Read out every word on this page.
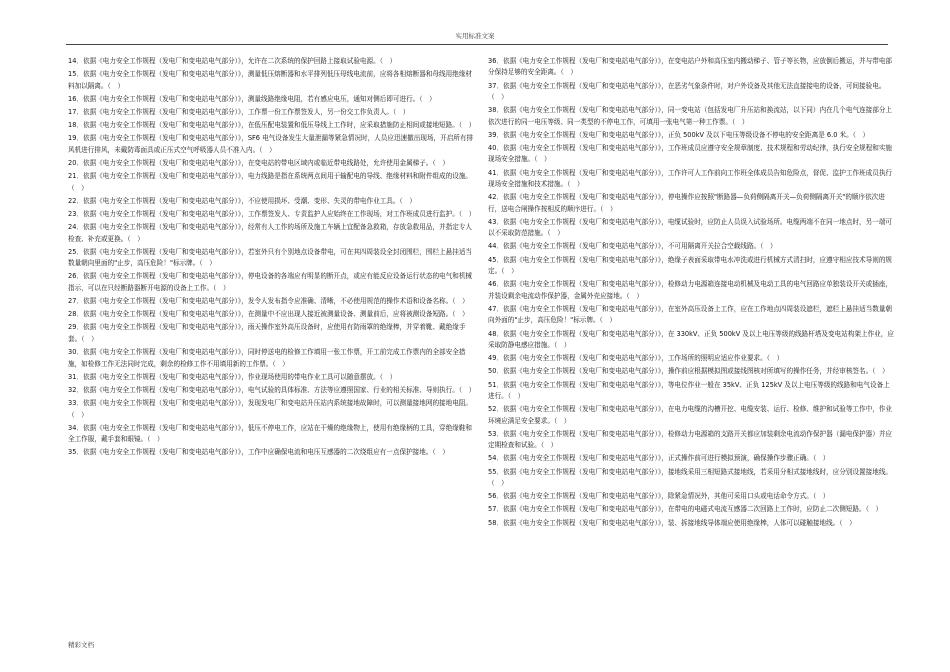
实用标准文案

14．依据《电力安全工作规程（发电厂和变电站电气部分）》，允许在二次系统的保护回路上接取试验电源。（　）

15．依据《电力安全工作规程（发电厂和变电站电气部分）》，测量低压熔断器和水平排列低压母线电流前，应将各相熔断器和母线用绝缘材料加以隔离。（　）

16．依据《电力安全工作规程（发电厂和变电站电气部分）》，测量线路绝缘电阻，若有感应电压，通知对侧后即可进行。（　）

17．依据《电力安全工作规程（发电厂和变电站电气部分）》，工作票一份工作票签发人，另一份交工作负责人。（　）

18．依据《电力安全工作规程（发电厂和变电站电气部分）》，在低压配电装置和低压导线上工作时，应采取措施防止相间或接地短路。（　）

19．依据《电力安全工作规程（发电厂和变电站电气部分）》，SF6 电气设备发生大量泄漏等紧急情况时，人员应迅速撤出现场，开启所有排风机进行排风，未戴防毒面具或正压式空气呼吸器人员不准入内。（　）

20．依据《电力安全工作规程（发电厂和变电站电气部分）》，在变电站的带电区域内或临近带电线路处，允许使用金属梯子。（　）

21．依据《电力安全工作规程（发电厂和变电站电气部分）》，电力线路是指在系统两点间用于输配电的导线、绝缘材料和附件组成的设施。（　）

22．依据《电力安全工作规程（发电厂和变电站电气部分）》，不应使用损坏、受潮、变形、失灵的带电作业工具。（　）

23．依据《电力安全工作规程（发电厂和变电站电气部分）》，工作票签发人、专责监护人应始终在工作现场，对工作班成员进行监护。（　）

24．依据《电力安全工作规程（发电厂和变电站电气部分）》，经常有人工作的场所及施工车辆上宜配备急救箱，存放急救用品，并指定专人检查、补充或更换。（　）

25．依据《电力安全工作规程（发电厂和变电站电气部分）》，若室外只有个别地点设备带电，可在其四周装设全封闭围栏，围栏上悬挂适当数量朝向里面的"止步，高压危险！"标示牌。（　）

26．依据《电力安全工作规程（发电厂和变电站电气部分）》，停电设备的各端应有明显的断开点，或应有能反应设备运行状态的电气和机械指示，可以在只经断路器断开电源的设备上工作。（　）

27．依据《电力安全工作规程（发电厂和变电站电气部分）》，发令人发布指令应准确、清晰，不必使用规范的操作术语和设备名称。（　）

28．依据《电力安全工作规程（发电厂和变电站电气部分）》，在测量中不应出现人接近被测量设备、测量前后，应将被测设备短路。（　）

29．依据《电力安全工作规程（发电厂和变电站电气部分）》，雨天操作室外高压设备时，应使用有防雨罩的绝缘棒，并穿着靴、戴绝缘手套。（　）

30．依据《电力安全工作规程（发电厂和变电站电气部分）》，同时停送电的检修工作填用一张工作票，开工前完成工作票内的全部安全措施，如检修工作无法同时完成，剩余的检修工作不用填用新的工作票。（　）

31．依据《电力安全工作规程（发电厂和变电站电气部分）》，作业现场使用的带电作业工具可以随意摆放。（　）

32．依据《电力安全工作规程（发电厂和变电站电气部分）》，电气试验的具体标准、方法等应遵照国家、行业的相关标准、导则执行。（　）

33．依据《电力安全工作规程（发电厂和变电站电气部分）》，发现发电厂和变电站升压站内系统接地故障时，可以测量接地网的接地电阻。（　）

34．依据《电力安全工作规程（发电厂和变电站电气部分）》，低压不停电工作，应站在干燥的绝缘物上，使用有绝缘柄的工具，穿绝缘鞋和全工作服，戴手套和眼镜。（　）

35．依据《电力安全工作规程（发电厂和变电站电气部分）》，工作中应确保电流和电压互感器的二次绕组应有一点保护接地。（　）

36．依据《电力安全工作规程（发电厂和变电站电气部分）》，在变电站户外和高压室内搬动梯子、管子等长物，应放倒后搬运，并与带电部分保持足够的安全距离。（　）

37．依据《电力安全工作规程（发电厂和变电站电气部分）》，在恶劣气象条件时，对户外设备及其他无法直接接电的设备，可间接验电。（　）

38．依据《电力安全工作规程（发电厂和变电站电气部分）》，同一变电站（包括发电厂升压站和换流站，以下同）内在几个电气连接部分上依次进行的同一电压等级、同一类型的不停电工作，可填用一张电气第一种工作票。（　）

39．依据《电力安全工作规程（发电厂和变电站电气部分）》，正负 500kV 及以下电压等级设备不停电的安全距离是 6.0 米。（　）

40．依据《电力安全工作规程（发电厂和变电站电气部分）》，工作班成员应遵守安全规章制度、技术规程和劳动纪律，执行安全规程和实施现场安全措施。（　）

41．依据《电力安全工作规程（发电厂和变电站电气部分）》，工作许可人工作前向工作班全体成员告知危险点，督促、监护工作班成员执行现场安全措施和技术措施。（　）

42．依据《电力安全工作规程（发电厂和变电站电气部分）》，停电操作应按照"断路器—负荷侧隔离开关—负荷侧隔离开关"的顺序依次进行，送电合闸操作按相反的顺序进行。（　）

43．依据《电力安全工作规程（发电厂和变电站电气部分）》，电缆试验时，应防止人员误入试验场所。电缆两端不在同一地点时，另一端可以不采取防范措施。（　）

44．依据《电力安全工作规程（发电厂和变电站电气部分）》，不可用隔离开关拉合空载线路。（　）

45．依据《电力安全工作规程（发电厂和变电站电气部分）》，绝缘子表面采取带电水冲洗或进行机械方式清扫时，应遵守相应技术导则的规定。（　）

46．依据《电力安全工作规程（发电厂和变电站电气部分）》，检修动力电源箱连接电动机械及电动工具的电气回路应单独装设开关或插座，并装设剩余电流动作保护器，金属外壳应接地。（　）

47．依据《电力安全工作规程（发电厂和变电站电气部分）》，在室外高压设备上工作，应在工作地点四周装设遮栏，遮栏上悬挂适当数量朝向外面的"止步，高压危险！"标示牌。（　）

48．依据《电力安全工作规程（发电厂和变电站电气部分）》，在 330kV、正负 500kV 及以上电压等级的线路杆塔及变电站构架上作业，应采取防静电感应措施。（　）

49．依据《电力安全工作规程（发电厂和变电站电气部分）》，工作场所的照明应适应作业要求。（　）

50．依据《电力安全工作规程（发电厂和变电站电气部分）》，操作前应根据模拟图或接线图核对所填写的操作任务，并经审核签名。（　）

51．依据《电力安全工作规程（发电厂和变电站电气部分）》，等电位作业一般在 35kV、正负 125kV 及以上电压等级的线路和电气设备上进行。（　）

52．依据《电力安全工作规程（发电厂和变电站电气部分）》，在电力电缆的沟槽开挖、电缆安装、运行、检修、维护和试验等工作中，作业环境应满足安全要求。（　）

53．依据《电力安全工作规程（发电厂和变电站电气部分）》，检修动力电源箱的支路开关都应加装剩余电流动作保护器（漏电保护器）并应定期检查和试验。（　）

54．依据《电力安全工作规程（发电厂和变电站电气部分）》，正式操作前可进行模拟预演，确保操作步骤正确。（　）

55．依据《电力安全工作规程（发电厂和变电站电气部分）》，接地线采用三相短路式接地线，若采用分相式接地线时，应分别设置接地线。（　）

56．依据《电力安全工作规程（发电厂和变电站电气部分）》，除紧急情况外，其他可采用口头或电话命令方式。（　）

57．依据《电力安全工作规程（发电厂和变电站电气部分）》，在带电的电磁式电流互感器二次回路上工作时，应防止二次侧短路。（　）

58．依据《电力安全工作规程（发电厂和变电站电气部分）》，装、拆接地线导体端应使用绝缘棒，人体可以碰触接地线。（　）

精彩文档
